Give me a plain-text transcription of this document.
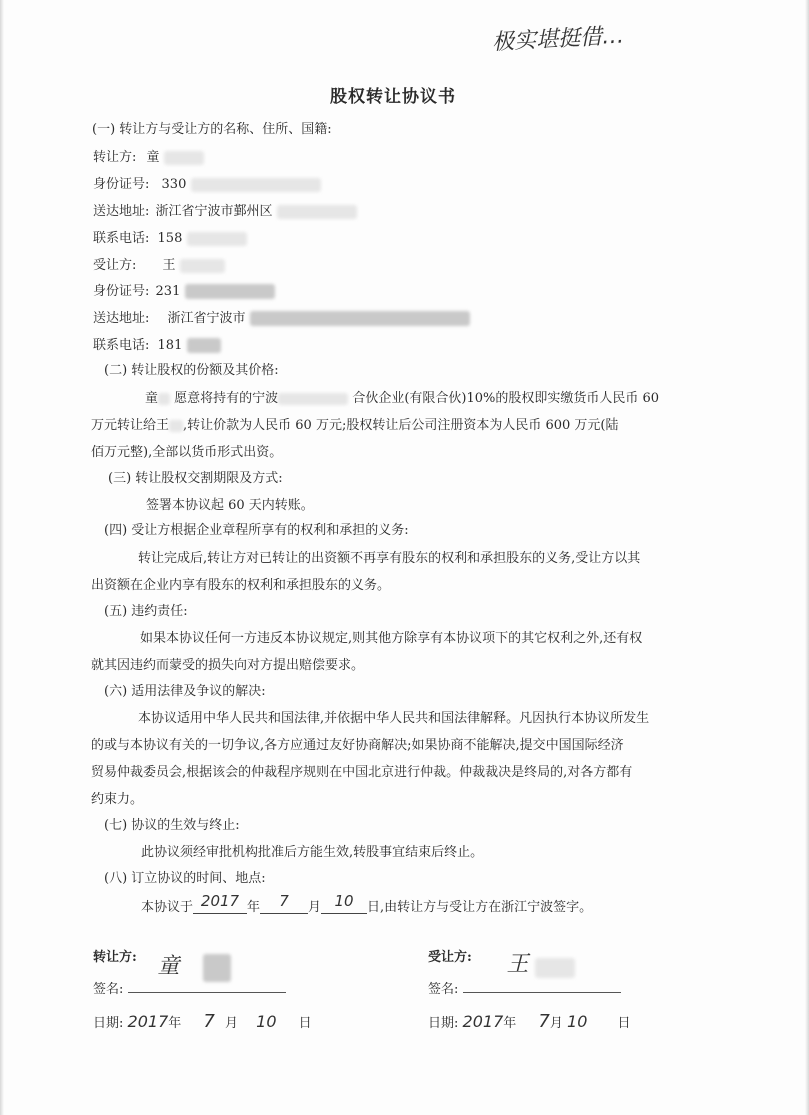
极实堪挺借…
股权转让协议书
(一) 转让方与受让方的名称、住所、国籍:
转让方: 童
身份证号: 330
送达地址: 浙江省宁波市鄞州区
联系电话: 158
受让方: 王
身份证号: 231
送达地址: 浙江省宁波市
联系电话: 181
(二) 转让股权的份额及其价格:
童 愿意将持有的宁波	合伙企业(有限合伙)10%的股权即实缴货币人民币 60
万元转让给王 ,转让价款为人民币 60 万元;股权转让后公司注册资本为人民币 600 万元(陆
佰万元整),全部以货币形式出资。
(三) 转让股权交割期限及方式:
签署本协议起 60 天内转账。
(四) 受让方根据企业章程所享有的权利和承担的义务:
转让完成后,转让方对已转让的出资额不再享有股东的权利和承担股东的义务,受让方以其
出资额在企业内享有股东的权利和承担股东的义务。
(五) 违约责任:
如果本协议任何一方违反本协议规定,则其他方除享有本协议项下的其它权利之外,还有权
就其因违约而蒙受的损失向对方提出赔偿要求。
(六) 适用法律及争议的解决:
本协议适用中华人民共和国法律,并依据中华人民共和国法律解释。凡因执行本协议所发生
的或与本协议有关的一切争议,各方应通过友好协商解决;如果协商不能解决,提交中国国际经济
贸易仲裁委员会,根据该会的仲裁程序规则在中国北京进行仲裁。仲裁裁决是终局的,对各方都有
约束力。
(七) 协议的生效与终止:
此协议须经审批机构批准后方能生效,转股事宜结束后终止。
(八) 订立协议的时间、地点:
本协议于 2017 年 7 月 10 日,由转让方与受让方在浙江宁波签字。
转让方:
签名:
童
日期: 2017年 7 月 10 日
受让方:
签名:
王
日期: 2017年 7月 10 日
